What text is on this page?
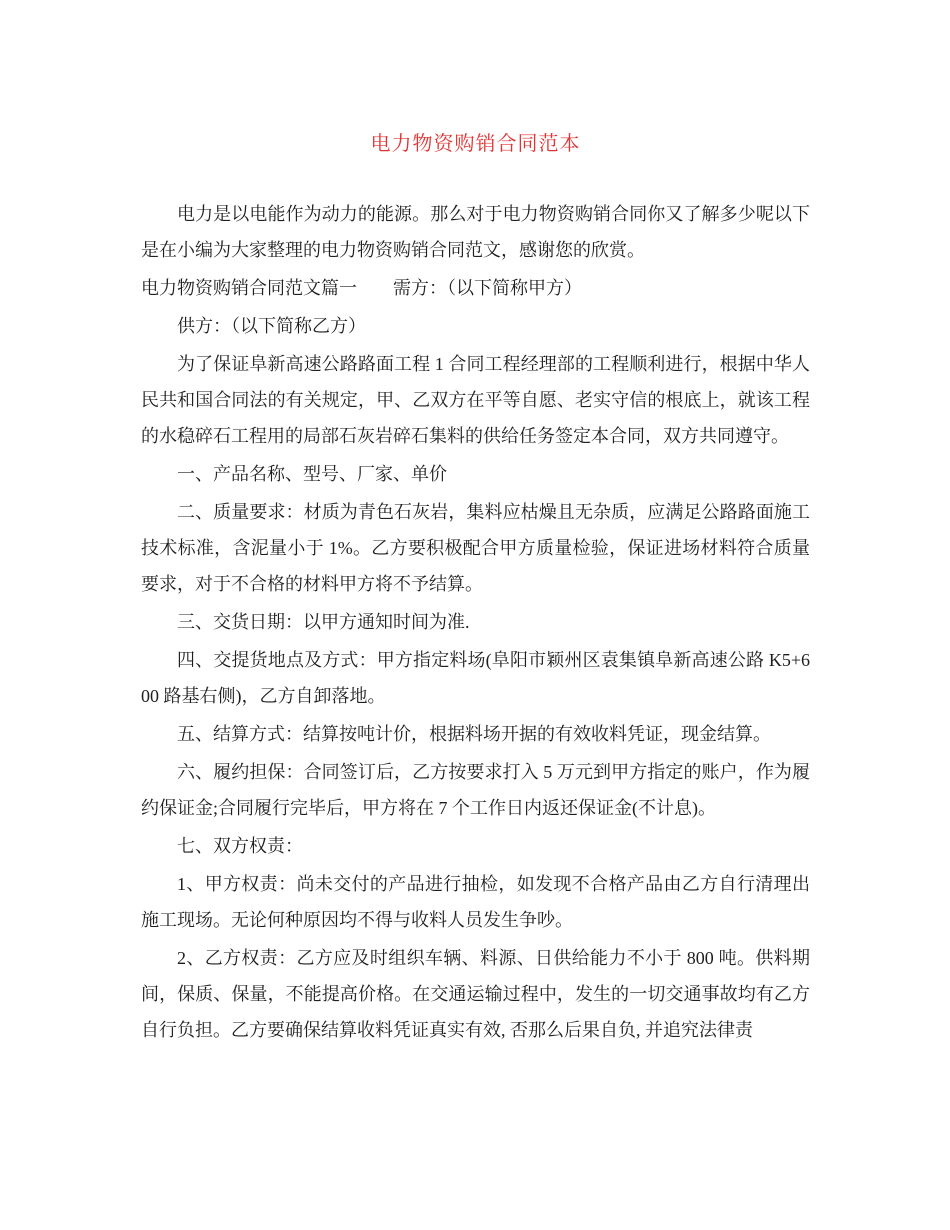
电力物资购销合同范本

电力是以电能作为动力的能源。那么对于电力物资购销合同你又了解多少呢以下是在小编为大家整理的电力物资购销合同范文，感谢您的欣赏。

电力物资购销合同范文篇一　　需方：（以下简称甲方）

供方：（以下简称乙方）

为了保证阜新高速公路路面工程 1 合同工程经理部的工程顺利进行，根据中华人民共和国合同法的有关规定，甲、乙双方在平等自愿、老实守信的根底上，就该工程的水稳碎石工程用的局部石灰岩碎石集料的供给任务签定本合同，双方共同遵守。

一、产品名称、型号、厂家、单价

二、质量要求：材质为青色石灰岩，集料应枯燥且无杂质，应满足公路路面施工技术标准，含泥量小于 1%。乙方要积极配合甲方质量检验，保证进场材料符合质量要求，对于不合格的材料甲方将不予结算。

三、交货日期：以甲方通知时间为准.

四、交提货地点及方式：甲方指定料场(阜阳市颖州区袁集镇阜新高速公路 K5+600 路基右侧)，乙方自卸落地。

五、结算方式：结算按吨计价，根据料场开据的有效收料凭证，现金结算。

六、履约担保：合同签订后，乙方按要求打入 5 万元到甲方指定的账户，作为履约保证金;合同履行完毕后，甲方将在 7 个工作日内返还保证金(不计息)。

七、双方权责：

1、甲方权责：尚未交付的产品进行抽检，如发现不合格产品由乙方自行清理出施工现场。无论何种原因均不得与收料人员发生争吵。

2、乙方权责：乙方应及时组织车辆、料源、日供给能力不小于 800 吨。供料期间，保质、保量，不能提高价格。在交通运输过程中，发生的一切交通事故均有乙方自行负担。乙方要确保结算收料凭证真实有效, 否那么后果自负, 并追究法律责
